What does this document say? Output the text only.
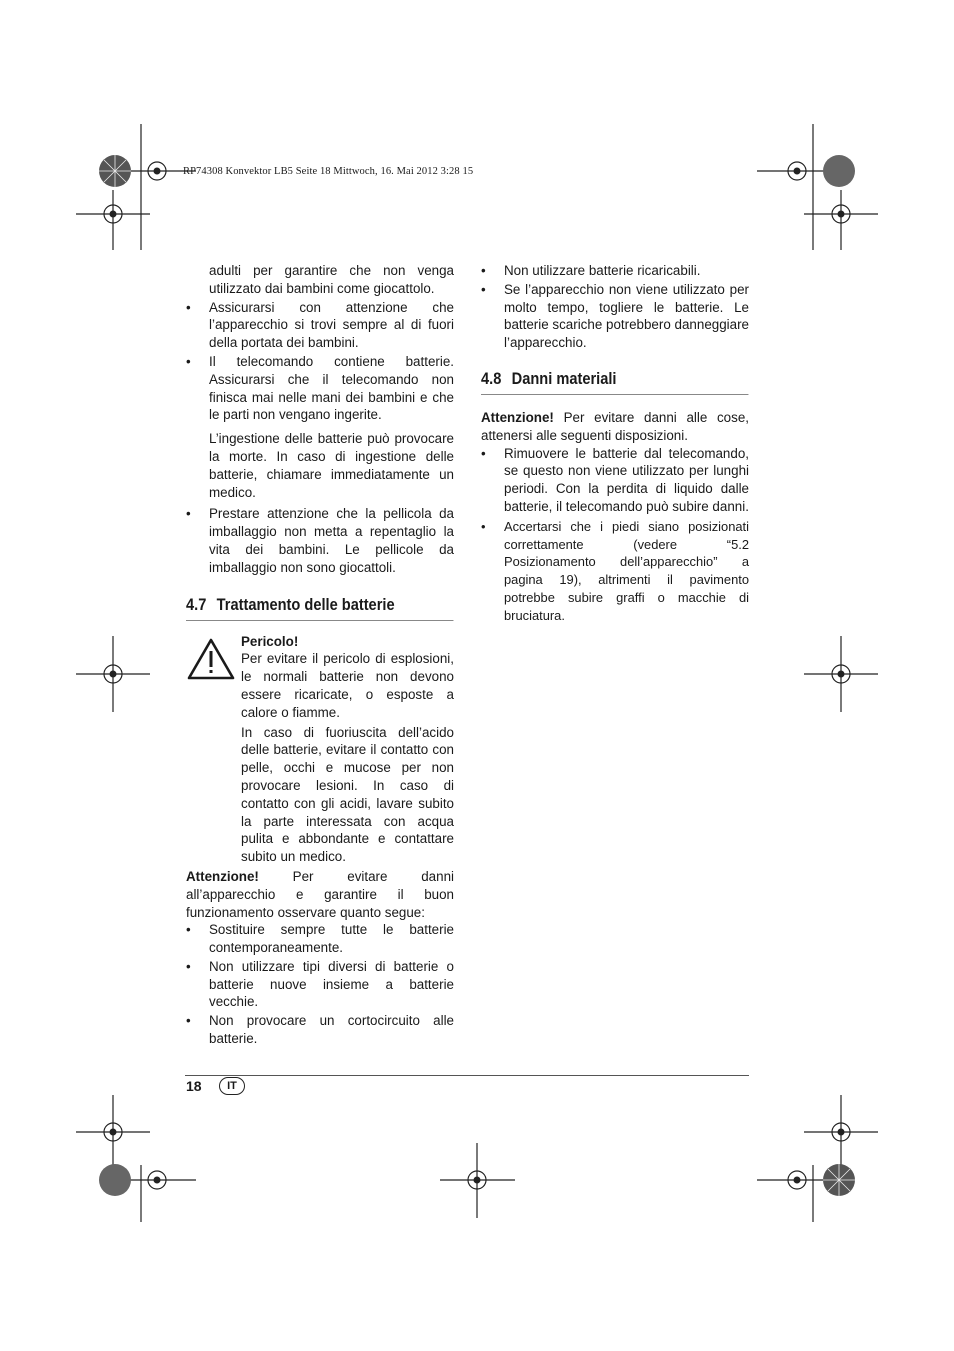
RP74308 Konvektor LB5 Seite 18 Mittwoch, 16. Mai 2012 3:28 15

adulti per garantire che non venga utilizzato dai bambini come giocattolo.

• Assicurarsi con attenzione che l’apparecchio si trovi sempre al di fuori della portata dei bambini.

• Il telecomando contiene batterie. Assicurarsi che il telecomando non finisca mai nelle mani dei bambini e che le parti non vengano ingerite.

L’ingestione delle batterie può provocare la morte. In caso di ingestione delle batterie, chiamare immediatamente un medico.

• Prestare attenzione che la pellicola da imballaggio non metta a repentaglio la vita dei bambini. Le pellicole da imballaggio non sono giocattoli.

4.7 Trattamento delle batterie

Pericolo!

Per evitare il pericolo di esplosioni, le normali batterie non devono essere ricaricate, o esposte a calore o fiamme.

In caso di fuoriuscita dell’acido delle batterie, evitare il contatto con pelle, occhi e mucose per non provocare lesioni. In caso di contatto con gli acidi, lavare subito la parte interessata con acqua pulita e abbondante e contattare subito un medico.

Attenzione!	Per evitare danni all’apparecchio e garantire il buon funzionamento osservare quanto segue:

• Sostituire sempre tutte le batterie contemporaneamente.

• Non utilizzare tipi diversi di batterie o batterie nuove insieme a batterie vecchie.

• Non provocare un cortocircuito alle batterie.

• Non utilizzare batterie ricaricabili.

• Se l’apparecchio non viene utilizzato per molto tempo, togliere le batterie. Le batterie scariche potrebbero danneggiare l’apparecchio.

4.8 Danni materiali

Attenzione! Per evitare danni alle cose, attenersi alle seguenti disposizioni.

• Rimuovere le batterie dal telecomando, se questo non viene utilizzato per lunghi periodi. Con la perdita di liquido dalle batterie, il telecomando può subire danni.

• Accertarsi che i piedi siano posizionati correttamente (vedere “5.2 Posizionamento dell’apparecchio” a pagina 19), altrimenti il pavimento potrebbe subire graffi o macchie di bruciatura.

18	IT
